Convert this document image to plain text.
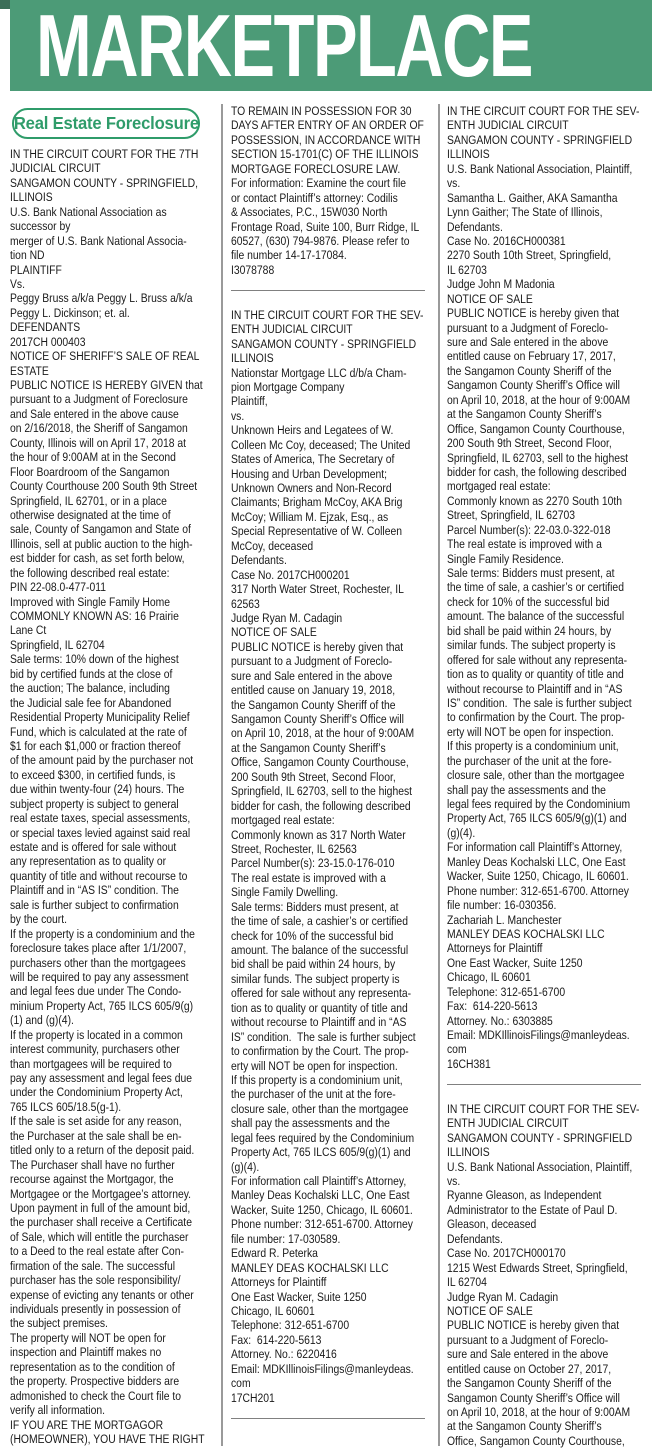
MARKETPLACE
Real Estate Foreclosure
IN THE CIRCUIT COURT FOR THE 7TH
JUDICIAL CIRCUIT
SANGAMON COUNTY - SPRINGFIELD,
ILLINOIS
U.S. Bank National Association as
successor by
merger of U.S. Bank National Associa-
tion ND
PLAINTIFF
Vs.
Peggy Bruss a/k/a Peggy L. Bruss a/k/a
Peggy L. Dickinson; et. al.
DEFENDANTS
2017CH 000403
NOTICE OF SHERIFF’S SALE OF REAL
ESTATE
PUBLIC NOTICE IS HEREBY GIVEN that
pursuant to a Judgment of Foreclosure
and Sale entered in the above cause
on 2/16/2018, the Sheriff of Sangamon
County, Illinois will on April 17, 2018 at
the hour of 9:00AM at in the Second
Floor Boardroom of the Sangamon
County Courthouse 200 South 9th Street
Springfield, IL 62701, or in a place
otherwise designated at the time of
sale, County of Sangamon and State of
Illinois, sell at public auction to the high-
est bidder for cash, as set forth below,
the following described real estate:
PIN 22-08.0-477-011
Improved with Single Family Home
COMMONLY KNOWN AS: 16 Prairie
Lane Ct
Springfield, IL 62704
Sale terms: 10% down of the highest
bid by certified funds at the close of
the auction; The balance, including
the Judicial sale fee for Abandoned
Residential Property Municipality Relief
Fund, which is calculated at the rate of
$1 for each $1,000 or fraction thereof
of the amount paid by the purchaser not
to exceed $300, in certified funds, is
due within twenty-four (24) hours. The
subject property is subject to general
real estate taxes, special assessments,
or special taxes levied against said real
estate and is offered for sale without
any representation as to quality or
quantity of title and without recourse to
Plaintiff and in “AS IS” condition. The
sale is further subject to confirmation
by the court.
If the property is a condominium and the
foreclosure takes place after 1/1/2007,
purchasers other than the mortgagees
will be required to pay any assessment
and legal fees due under The Condo-
minium Property Act, 765 ILCS 605/9(g)
(1) and (g)(4).
If the property is located in a common
interest community, purchasers other
than mortgagees will be required to
pay any assessment and legal fees due
under the Condominium Property Act,
765 ILCS 605/18.5(g-1).
If the sale is set aside for any reason,
the Purchaser at the sale shall be en-
titled only to a return of the deposit paid.
The Purchaser shall have no further
recourse against the Mortgagor, the
Mortgagee or the Mortgagee’s attorney.
Upon payment in full of the amount bid,
the purchaser shall receive a Certificate
of Sale, which will entitle the purchaser
to a Deed to the real estate after Con-
firmation of the sale. The successful
purchaser has the sole responsibility/
expense of evicting any tenants or other
individuals presently in possession of
the subject premises.
The property will NOT be open for
inspection and Plaintiff makes no
representation as to the condition of
the property. Prospective bidders are
admonished to check the Court file to
verify all information.
IF YOU ARE THE MORTGAGOR
(HOMEOWNER), YOU HAVE THE RIGHT
TO REMAIN IN POSSESSION FOR 30
DAYS AFTER ENTRY OF AN ORDER OF
POSSESSION, IN ACCORDANCE WITH
SECTION 15-1701(C) OF THE ILLINOIS
MORTGAGE FORECLOSURE LAW.
For information: Examine the court file
or contact Plaintiff’s attorney: Codilis
& Associates, P.C., 15W030 North
Frontage Road, Suite 100, Burr Ridge, IL
60527, (630) 794-9876. Please refer to
file number 14-17-17084.
I3078788
IN THE CIRCUIT COURT FOR THE SEV-
ENTH JUDICIAL CIRCUIT
SANGAMON COUNTY - SPRINGFIELD
ILLINOIS
Nationstar Mortgage LLC d/b/a Cham-
pion Mortgage Company
Plaintiff,
vs.
Unknown Heirs and Legatees of W.
Colleen Mc Coy, deceased; The United
States of America, The Secretary of
Housing and Urban Development;
Unknown Owners and Non-Record
Claimants; Brigham McCoy, AKA Brig
McCoy; William M. Ejzak, Esq., as
Special Representative of W. Colleen
McCoy, deceased
Defendants.
Case No. 2017CH000201
317 North Water Street, Rochester, IL
62563
Judge Ryan M. Cadagin
NOTICE OF SALE
PUBLIC NOTICE is hereby given that
pursuant to a Judgment of Foreclo-
sure and Sale entered in the above
entitled cause on January 19, 2018,
the Sangamon County Sheriff of the
Sangamon County Sheriff’s Office will
on April 10, 2018, at the hour of 9:00AM
at the Sangamon County Sheriff’s
Office, Sangamon County Courthouse,
200 South 9th Street, Second Floor,
Springfield, IL 62703, sell to the highest
bidder for cash, the following described
mortgaged real estate:
Commonly known as 317 North Water
Street, Rochester, IL 62563
Parcel Number(s): 23-15.0-176-010
The real estate is improved with a
Single Family Dwelling.
Sale terms: Bidders must present, at
the time of sale, a cashier’s or certified
check for 10% of the successful bid
amount. The balance of the successful
bid shall be paid within 24 hours, by
similar funds. The subject property is
offered for sale without any representa-
tion as to quality or quantity of title and
without recourse to Plaintiff and in “AS
IS” condition.  The sale is further subject
to confirmation by the Court. The prop-
erty will NOT be open for inspection.
If this property is a condominium unit,
the purchaser of the unit at the fore-
closure sale, other than the mortgagee
shall pay the assessments and the
legal fees required by the Condominium
Property Act, 765 ILCS 605/9(g)(1) and
(g)(4).
For information call Plaintiff’s Attorney,
Manley Deas Kochalski LLC, One East
Wacker, Suite 1250, Chicago, IL 60601.
Phone number: 312-651-6700. Attorney
file number: 17-030589.
Edward R. Peterka
MANLEY DEAS KOCHALSKI LLC
Attorneys for Plaintiff
One East Wacker, Suite 1250
Chicago, IL 60601
Telephone: 312-651-6700
Fax:  614-220-5613
Attorney. No.: 6220416
Email: MDKIllinoisFilings@manleydeas.
com
17CH201
IN THE CIRCUIT COURT FOR THE SEV-
ENTH JUDICIAL CIRCUIT
SANGAMON COUNTY - SPRINGFIELD
ILLINOIS
U.S. Bank National Association, Plaintiff,
vs.
Samantha L. Gaither, AKA Samantha
Lynn Gaither; The State of Illinois,
Defendants.
Case No. 2016CH000381
2270 South 10th Street, Springfield,
IL 62703
Judge John M Madonia
NOTICE OF SALE
PUBLIC NOTICE is hereby given that
pursuant to a Judgment of Foreclo-
sure and Sale entered in the above
entitled cause on February 17, 2017,
the Sangamon County Sheriff of the
Sangamon County Sheriff’s Office will
on April 10, 2018, at the hour of 9:00AM
at the Sangamon County Sheriff’s
Office, Sangamon County Courthouse,
200 South 9th Street, Second Floor,
Springfield, IL 62703, sell to the highest
bidder for cash, the following described
mortgaged real estate:
Commonly known as 2270 South 10th
Street, Springfield, IL 62703
Parcel Number(s): 22-03.0-322-018
The real estate is improved with a
Single Family Residence.
Sale terms: Bidders must present, at
the time of sale, a cashier’s or certified
check for 10% of the successful bid
amount. The balance of the successful
bid shall be paid within 24 hours, by
similar funds. The subject property is
offered for sale without any representa-
tion as to quality or quantity of title and
without recourse to Plaintiff and in “AS
IS” condition.  The sale is further subject
to confirmation by the Court. The prop-
erty will NOT be open for inspection.
If this property is a condominium unit,
the purchaser of the unit at the fore-
closure sale, other than the mortgagee
shall pay the assessments and the
legal fees required by the Condominium
Property Act, 765 ILCS 605/9(g)(1) and
(g)(4).
For information call Plaintiff’s Attorney,
Manley Deas Kochalski LLC, One East
Wacker, Suite 1250, Chicago, IL 60601.
Phone number: 312-651-6700. Attorney
file number: 16-030356.
Zachariah L. Manchester
MANLEY DEAS KOCHALSKI LLC
Attorneys for Plaintiff
One East Wacker, Suite 1250
Chicago, IL 60601
Telephone: 312-651-6700
Fax:  614-220-5613
Attorney. No.: 6303885
Email: MDKIllinoisFilings@manleydeas.
com
16CH381
IN THE CIRCUIT COURT FOR THE SEV-
ENTH JUDICIAL CIRCUIT
SANGAMON COUNTY - SPRINGFIELD
ILLINOIS
U.S. Bank National Association, Plaintiff,
vs.
Ryanne Gleason, as Independent
Administrator to the Estate of Paul D.
Gleason, deceased
Defendants.
Case No. 2017CH000170
1215 West Edwards Street, Springfield,
IL 62704
Judge Ryan M. Cadagin
NOTICE OF SALE
PUBLIC NOTICE is hereby given that
pursuant to a Judgment of Foreclo-
sure and Sale entered in the above
entitled cause on October 27, 2017,
the Sangamon County Sheriff of the
Sangamon County Sheriff’s Office will
on April 10, 2018, at the hour of 9:00AM
at the Sangamon County Sheriff’s
Office, Sangamon County Courthouse,
